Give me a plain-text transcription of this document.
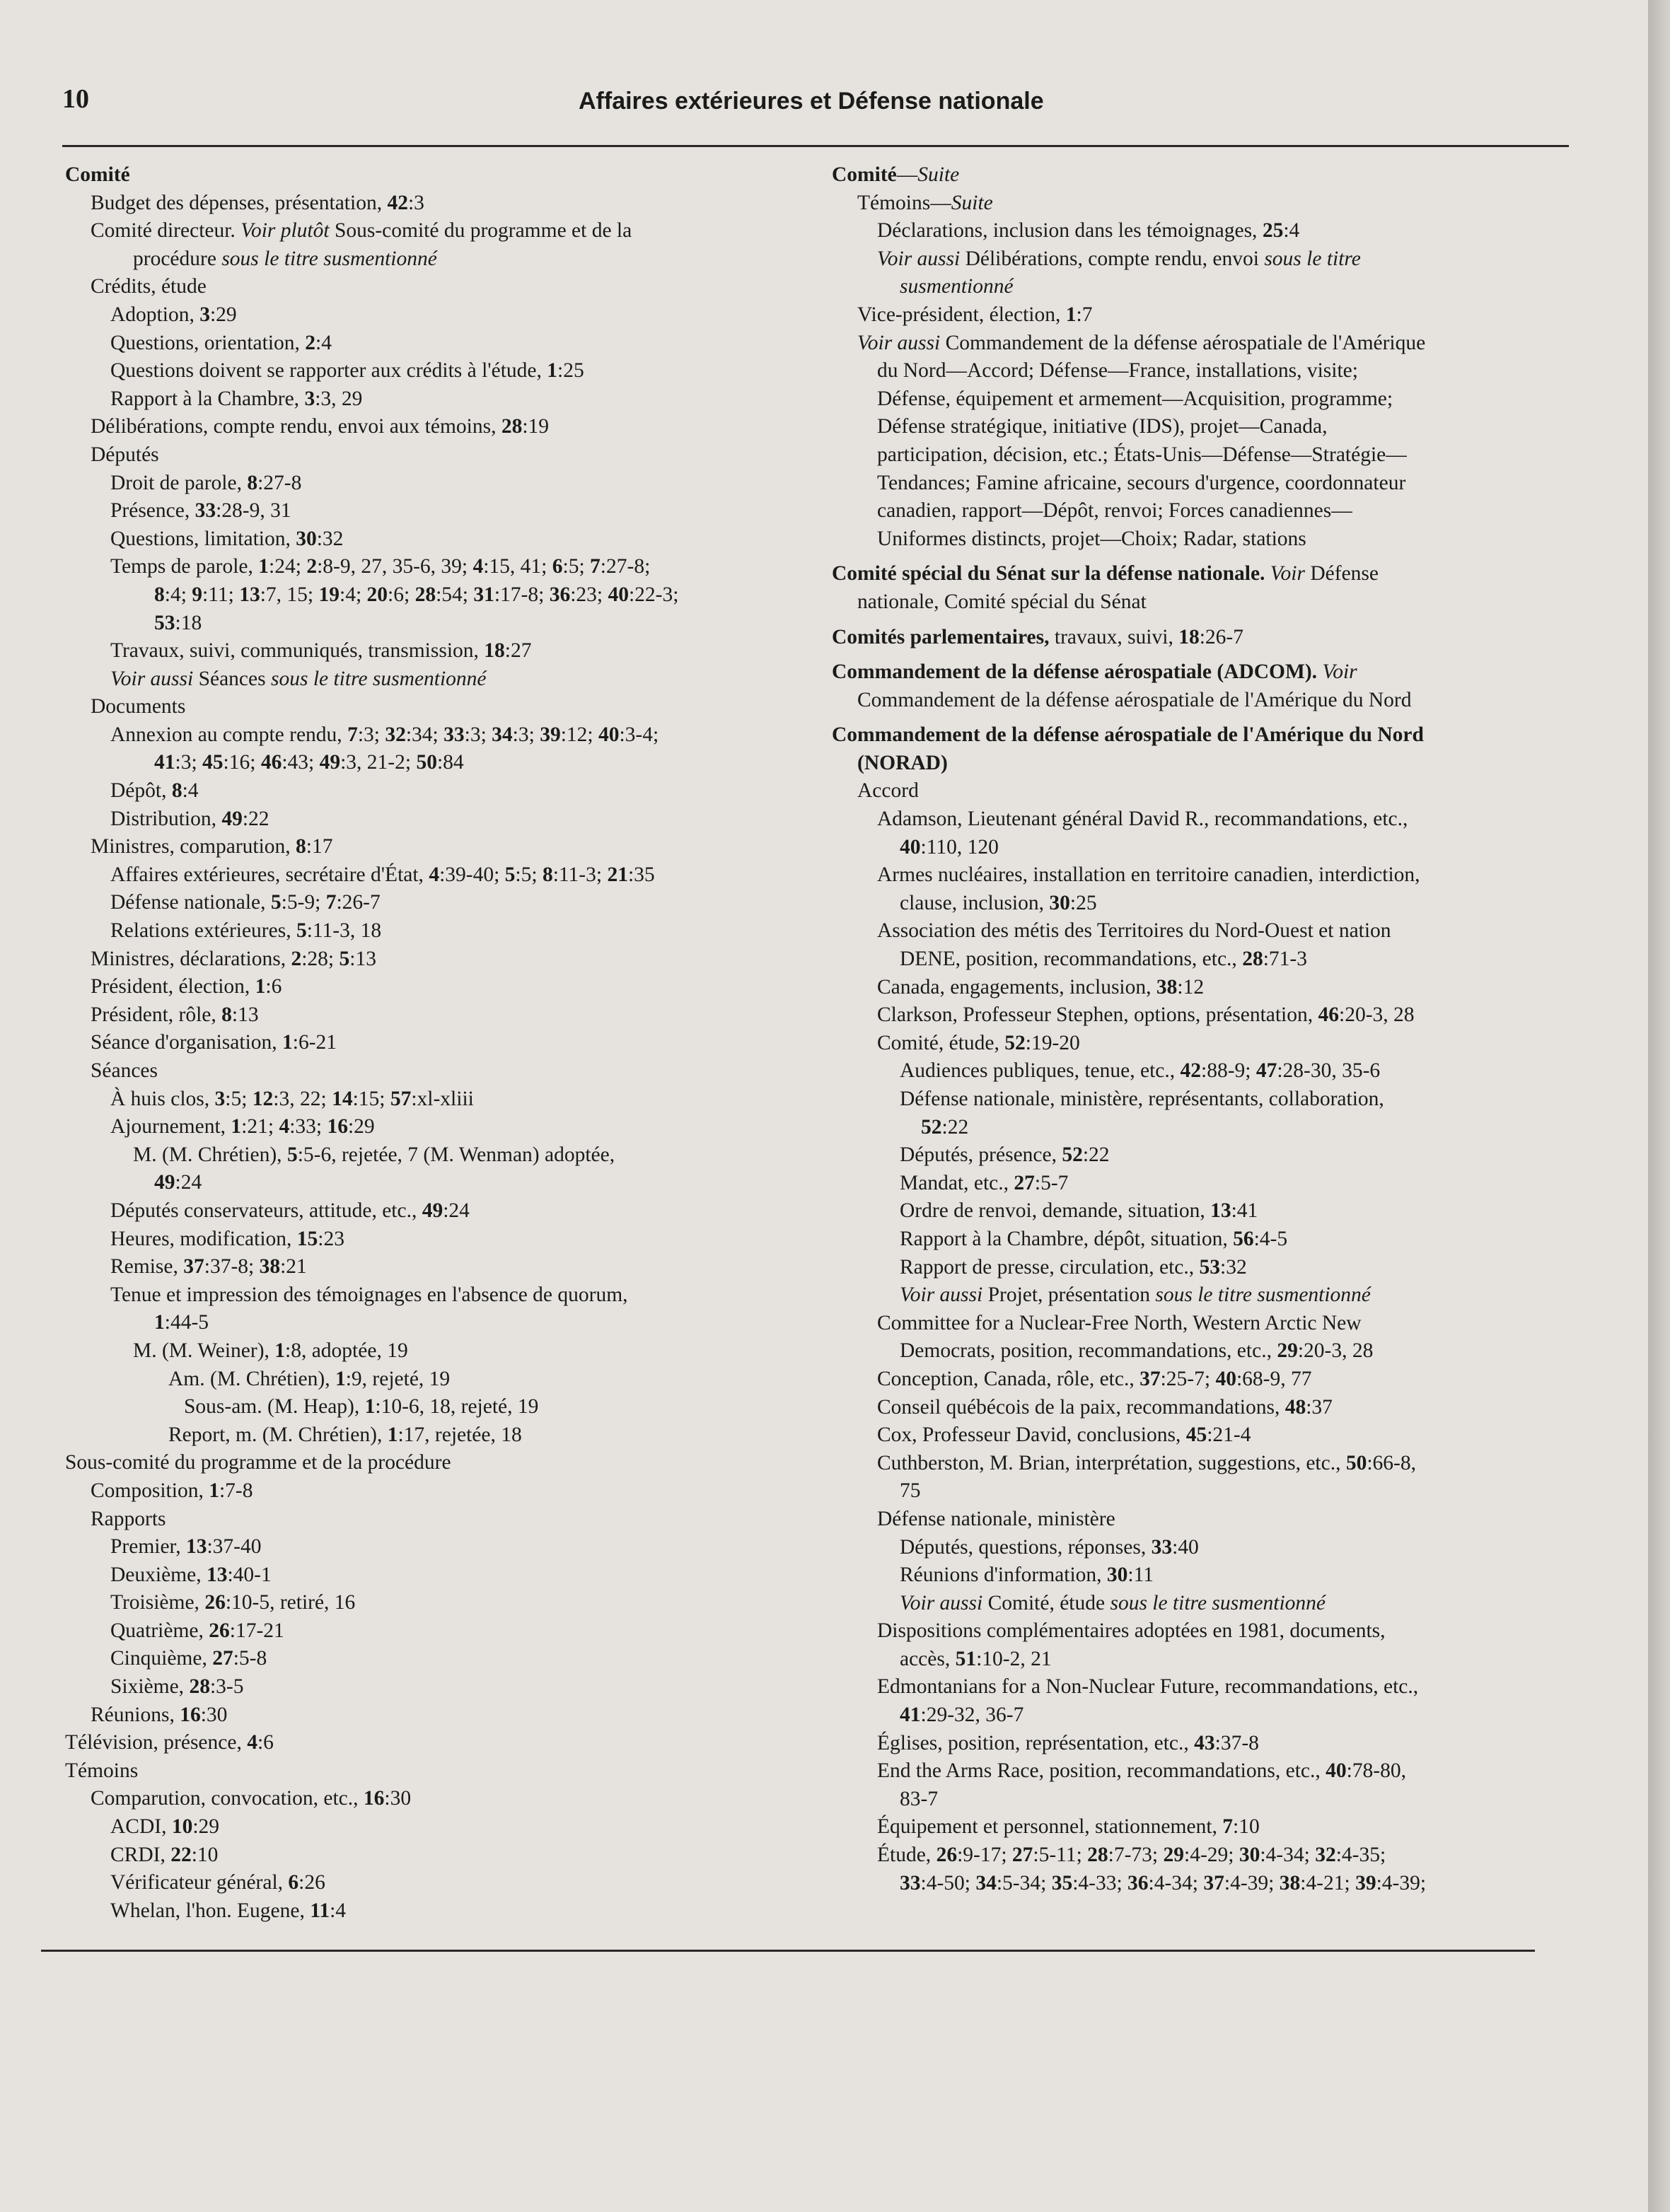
10	Affaires extérieures et Défense nationale
Comité
Budget des dépenses, présentation, 42:3
Comité directeur. Voir plutôt Sous-comité du programme et de la
procédure sous le titre susmentionné
Crédits, étude
Adoption, 3:29
Questions, orientation, 2:4
Questions doivent se rapporter aux crédits à l'étude, 1:25
Rapport à la Chambre, 3:3, 29
Délibérations, compte rendu, envoi aux témoins, 28:19
Députés
Droit de parole, 8:27-8
Présence, 33:28-9, 31
Questions, limitation, 30:32
Temps de parole, 1:24; 2:8-9, 27, 35-6, 39; 4:15, 41; 6:5; 7:27-8;
8:4; 9:11; 13:7, 15; 19:4; 20:6; 28:54; 31:17-8; 36:23; 40:22-3;
53:18
Travaux, suivi, communiqués, transmission, 18:27
Voir aussi Séances sous le titre susmentionné
Documents
Annexion au compte rendu, 7:3; 32:34; 33:3; 34:3; 39:12; 40:3-4;
41:3; 45:16; 46:43; 49:3, 21-2; 50:84
Dépôt, 8:4
Distribution, 49:22
Ministres, comparution, 8:17
Affaires extérieures, secrétaire d'État, 4:39-40; 5:5; 8:11-3; 21:35
Défense nationale, 5:5-9; 7:26-7
Relations extérieures, 5:11-3, 18
Ministres, déclarations, 2:28; 5:13
Président, élection, 1:6
Président, rôle, 8:13
Séance d'organisation, 1:6-21
Séances
À huis clos, 3:5; 12:3, 22; 14:15; 57:xl-xliii
Ajournement, 1:21; 4:33; 16:29
M. (M. Chrétien), 5:5-6, rejetée, 7 (M. Wenman) adoptée,
49:24
Députés conservateurs, attitude, etc., 49:24
Heures, modification, 15:23
Remise, 37:37-8; 38:21
Tenue et impression des témoignages en l'absence de quorum,
1:44-5
M. (M. Weiner), 1:8, adoptée, 19
Am. (M. Chrétien), 1:9, rejeté, 19
Sous-am. (M. Heap), 1:10-6, 18, rejeté, 19
Report, m. (M. Chrétien), 1:17, rejetée, 18
Sous-comité du programme et de la procédure
Composition, 1:7-8
Rapports
Premier, 13:37-40
Deuxième, 13:40-1
Troisième, 26:10-5, retiré, 16
Quatrième, 26:17-21
Cinquième, 27:5-8
Sixième, 28:3-5
Réunions, 16:30
Télévision, présence, 4:6
Témoins
Comparution, convocation, etc., 16:30
ACDI, 10:29
CRDI, 22:10
Vérificateur général, 6:26
Whelan, l'hon. Eugene, 11:4
Comité—Suite
Témoins—Suite
Déclarations, inclusion dans les témoignages, 25:4
Voir aussi Délibérations, compte rendu, envoi sous le titre
susmentionné
Vice-président, élection, 1:7
Voir aussi Commandement de la défense aérospatiale de l'Amérique
du Nord—Accord; Défense—France, installations, visite;
Défense, équipement et armement—Acquisition, programme;
Défense stratégique, initiative (IDS), projet—Canada,
participation, décision, etc.; États-Unis—Défense—Stratégie—
Tendances; Famine africaine, secours d'urgence, coordonnateur
canadien, rapport—Dépôt, renvoi; Forces canadiennes—
Uniformes distincts, projet—Choix; Radar, stations
Comité spécial du Sénat sur la défense nationale. Voir Défense
nationale, Comité spécial du Sénat
Comités parlementaires, travaux, suivi, 18:26-7
Commandement de la défense aérospatiale (ADCOM). Voir
Commandement de la défense aérospatiale de l'Amérique du Nord
Commandement de la défense aérospatiale de l'Amérique du Nord
(NORAD)
Accord
Adamson, Lieutenant général David R., recommandations, etc.,
40:110, 120
Armes nucléaires, installation en territoire canadien, interdiction,
clause, inclusion, 30:25
Association des métis des Territoires du Nord-Ouest et nation
DENE, position, recommandations, etc., 28:71-3
Canada, engagements, inclusion, 38:12
Clarkson, Professeur Stephen, options, présentation, 46:20-3, 28
Comité, étude, 52:19-20
Audiences publiques, tenue, etc., 42:88-9; 47:28-30, 35-6
Défense nationale, ministère, représentants, collaboration,
52:22
Députés, présence, 52:22
Mandat, etc., 27:5-7
Ordre de renvoi, demande, situation, 13:41
Rapport à la Chambre, dépôt, situation, 56:4-5
Rapport de presse, circulation, etc., 53:32
Voir aussi Projet, présentation sous le titre susmentionné
Committee for a Nuclear-Free North, Western Arctic New
Democrats, position, recommandations, etc., 29:20-3, 28
Conception, Canada, rôle, etc., 37:25-7; 40:68-9, 77
Conseil québécois de la paix, recommandations, 48:37
Cox, Professeur David, conclusions, 45:21-4
Cuthberston, M. Brian, interprétation, suggestions, etc., 50:66-8,
75
Défense nationale, ministère
Députés, questions, réponses, 33:40
Réunions d'information, 30:11
Voir aussi Comité, étude sous le titre susmentionné
Dispositions complémentaires adoptées en 1981, documents,
accès, 51:10-2, 21
Edmontanians for a Non-Nuclear Future, recommandations, etc.,
41:29-32, 36-7
Églises, position, représentation, etc., 43:37-8
End the Arms Race, position, recommandations, etc., 40:78-80,
83-7
Équipement et personnel, stationnement, 7:10
Étude, 26:9-17; 27:5-11; 28:7-73; 29:4-29; 30:4-34; 32:4-35;
33:4-50; 34:5-34; 35:4-33; 36:4-34; 37:4-39; 38:4-21; 39:4-39;
